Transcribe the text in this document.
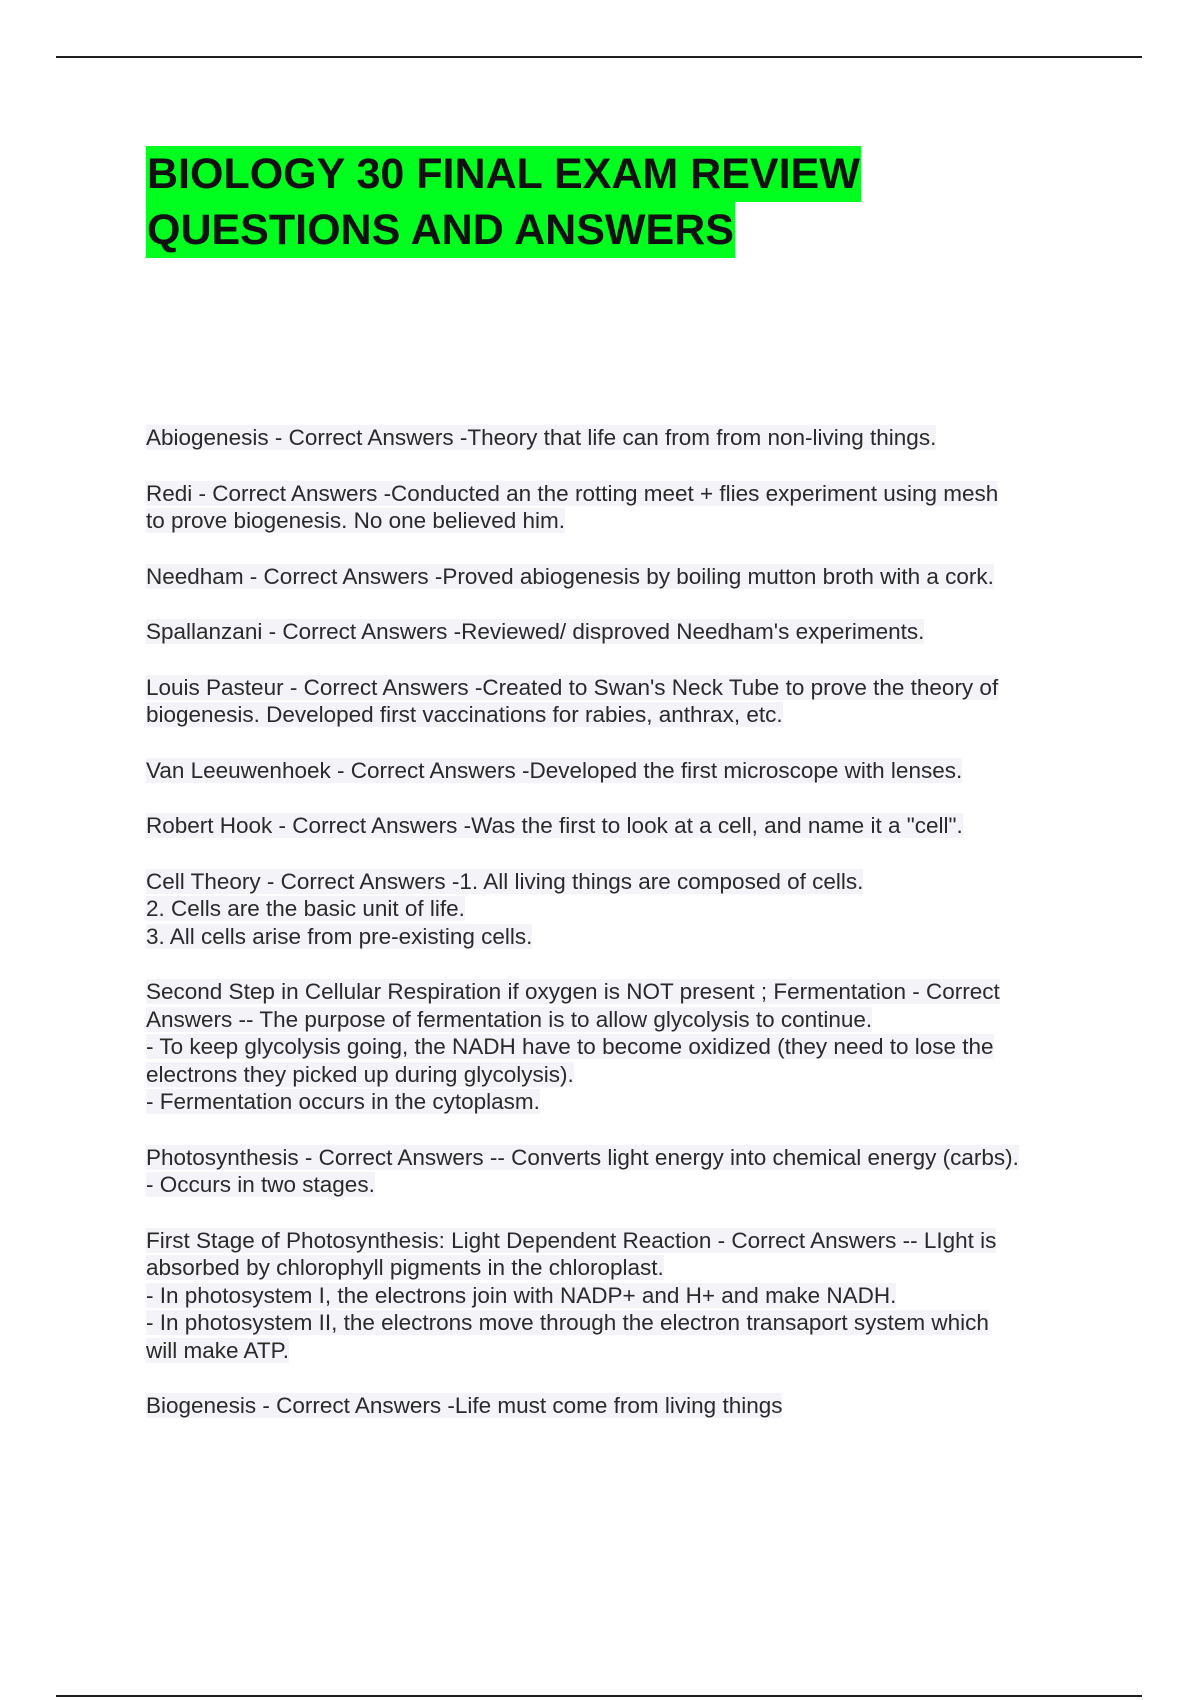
BIOLOGY 30 FINAL EXAM REVIEW
QUESTIONS AND ANSWERS

Abiogenesis - Correct Answers -Theory that life can from from non-living things.

Redi - Correct Answers -Conducted an the rotting meet + flies experiment using mesh
to prove biogenesis. No one believed him.

Needham - Correct Answers -Proved abiogenesis by boiling mutton broth with a cork.

Spallanzani - Correct Answers -Reviewed/ disproved Needham's experiments.

Louis Pasteur - Correct Answers -Created to Swan's Neck Tube to prove the theory of
biogenesis. Developed first vaccinations for rabies, anthrax, etc.

Van Leeuwenhoek - Correct Answers -Developed the first microscope with lenses.

Robert Hook - Correct Answers -Was the first to look at a cell, and name it a "cell".

Cell Theory - Correct Answers -1. All living things are composed of cells.
2. Cells are the basic unit of life.
3. All cells arise from pre-existing cells.

Second Step in Cellular Respiration if oxygen is NOT present ; Fermentation - Correct
Answers -- The purpose of fermentation is to allow glycolysis to continue.
- To keep glycolysis going, the NADH have to become oxidized (they need to lose the
electrons they picked up during glycolysis).
- Fermentation occurs in the cytoplasm.

Photosynthesis - Correct Answers -- Converts light energy into chemical energy (carbs).
- Occurs in two stages.

First Stage of Photosynthesis: Light Dependent Reaction - Correct Answers -- LIght is
absorbed by chlorophyll pigments in the chloroplast.
- In photosystem I, the electrons join with NADP+ and H+ and make NADH.
- In photosystem II, the electrons move through the electron transaport system which
will make ATP.

Biogenesis - Correct Answers -Life must come from living things
